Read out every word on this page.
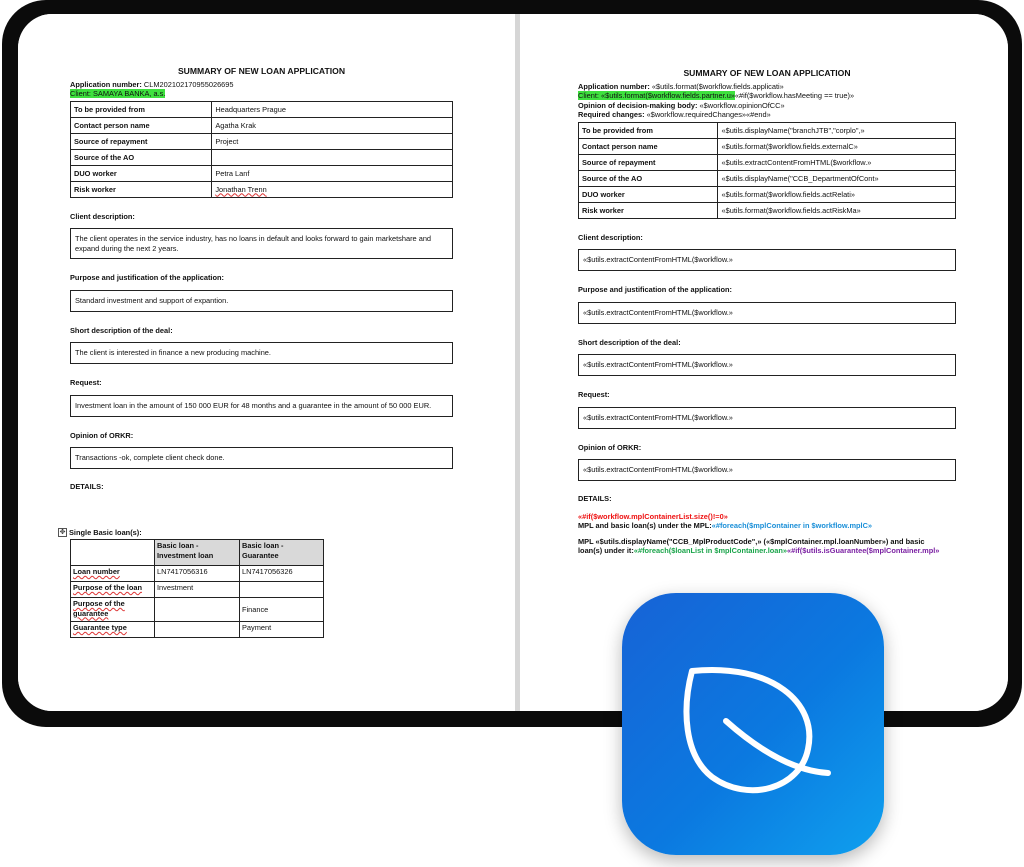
SUMMARY OF NEW LOAN APPLICATION
Application number: CLM202102170955026695
Client: SAMAYA BANKA, a.s.
To be provided from	Headquarters Prague
Contact person name	Agatha Krak
Source of repayment	Project
Source of the AO	
DUO worker	Petra Lanf
Risk worker	Jonathan Trenn
Client description:
The client operates in the service industry, has no loans in default and looks forward to gain marketshare and expand during the next 2 years.
Purpose and justification of the application:
Standard investment and support of expantion.
Short description of the deal:
The client is interested in finance a new producing machine.
Request:
Investment loan in the amount of 150 000 EUR for 48 months and a guarantee in the amount of 50 000 EUR.
Opinion of ORKR:
Transactions -ok, complete client check done.
DETAILS:
✥ Single Basic loan(s):
	Basic loan - Investment loan	Basic loan - Guarantee
Loan number	LN7417056316	LN7417056326
Purpose of the loan	Investment	
Purpose of the guarantee		Finance
Guarantee type		Payment
SUMMARY OF NEW LOAN APPLICATION
Application number: «$utils.format($workflow.fields.applicati»
Client: «$utils.format($workflow.fields.partner.u»«#if($workflow.hasMeeting == true)»
Opinion of decision-making body: «$workflow.opinionOfCC»
Required changes: «$workflow.requiredChanges»«#end»
To be provided from	«$utils.displayName("branchJTB","corplo",»
Contact person name	«$utils.format($workflow.fields.externalC»
Source of repayment	«$utils.extractContentFromHTML($workflow.»
Source of the AO	«$utils.displayName("CCB_DepartmentOfCont»
DUO worker	«$utils.format($workflow.fields.actRelati»
Risk worker	«$utils.format($workflow.fields.actRiskMa»
Client description:
«$utils.extractContentFromHTML($workflow.»
Purpose and justification of the application:
«$utils.extractContentFromHTML($workflow.»
Short description of the deal:
«$utils.extractContentFromHTML($workflow.»
Request:
«$utils.extractContentFromHTML($workflow.»
Opinion of ORKR:
«$utils.extractContentFromHTML($workflow.»
DETAILS:
«#if($workflow.mplContainerList.size()!=0»
MPL and basic loan(s) under the MPL:«#foreach($mplContainer in $workflow.mplC»
MPL «$utils.displayName("CCB_MplProductCode",» («$mplContainer.mpl.loanNumber») and basic loan(s) under it:«#foreach($loanList in $mplContainer.loan»«#if($utils.isGuarantee($mplContainer.mpl»
